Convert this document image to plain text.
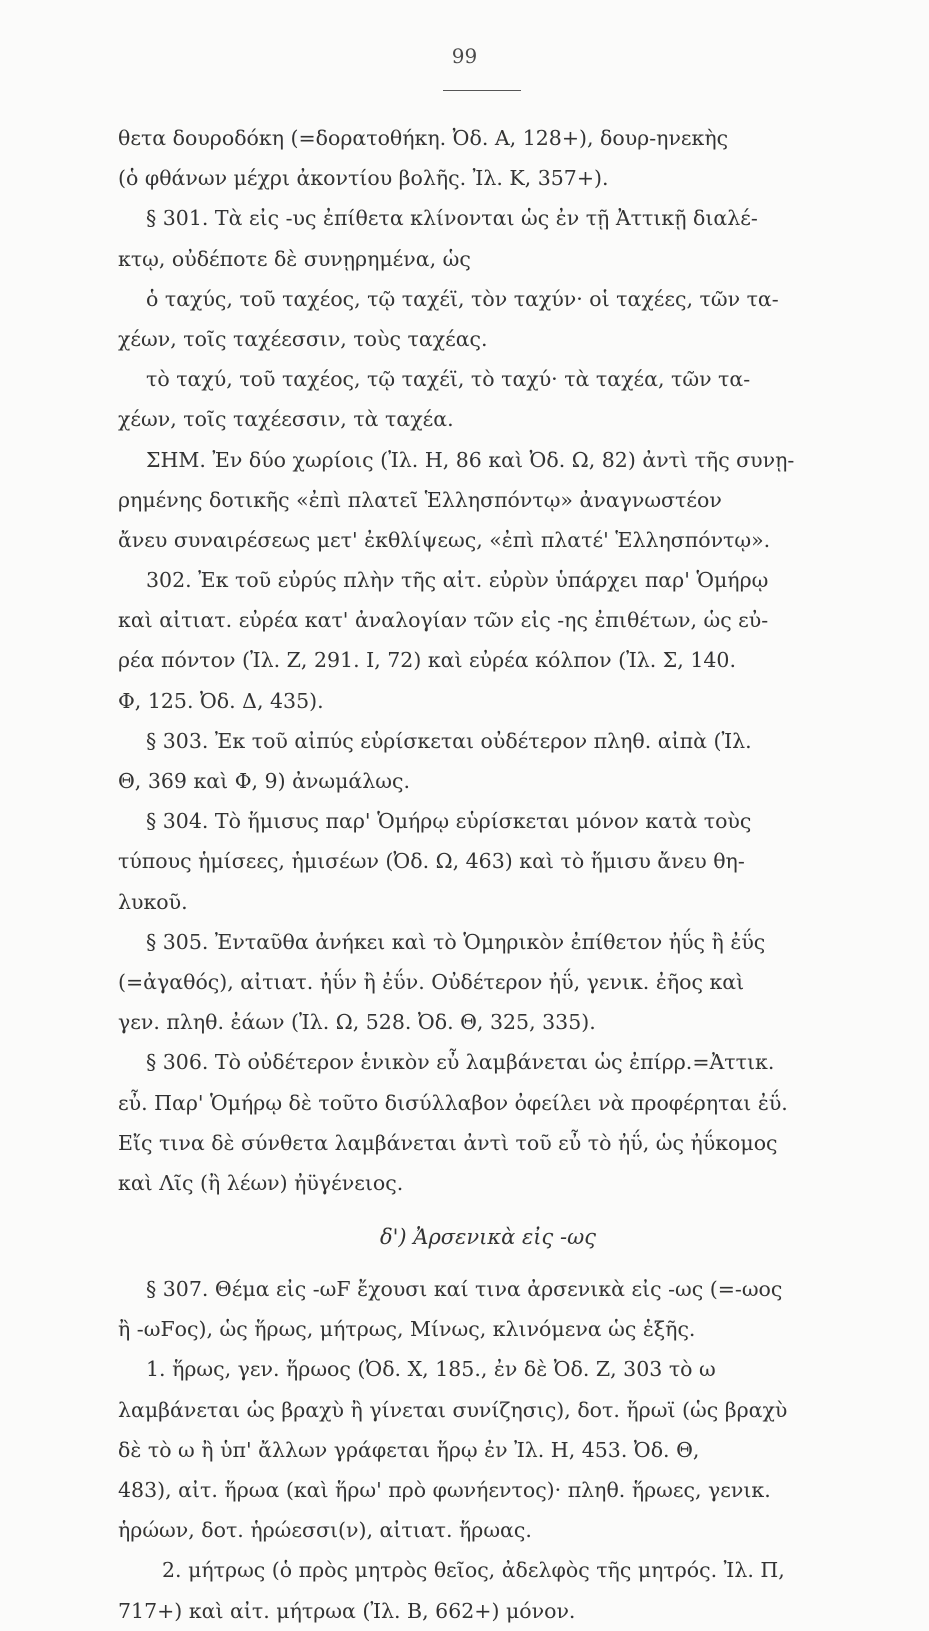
99
θετα δουροδόκη (=δορατοθήκη. Ὀδ. Α, 128+), δουρ-ηνεκὴς
(ὁ φθάνων μέχρι ἀκοντίου βολῆς. Ἰλ. Κ, 357+).
§ 301. Τὰ εἰς -υς ἐπίθετα κλίνονται ὡς ἐν τῇ Ἀττικῇ διαλέ-
κτῳ, οὐδέποτε δὲ συνῃρημένα, ὡς
ὁ ταχύς, τοῦ ταχέος, τῷ ταχέϊ, τὸν ταχύν· οἱ ταχέες, τῶν τα-
χέων, τοῖς ταχέεσσιν, τοὺς ταχέας.
τὸ ταχύ, τοῦ ταχέος, τῷ ταχέϊ, τὸ ταχύ· τὰ ταχέα, τῶν τα-
χέων, τοῖς ταχέεσσιν, τὰ ταχέα.
ΣΗΜ. Ἐν δύο χωρίοις (Ἰλ. Η, 86 καὶ Ὀδ. Ω, 82) ἀντὶ τῆς συνῃ-
ρημένης δοτικῆς «ἐπὶ πλατεῖ Ἑλλησπόντῳ» ἀναγνωστέον
ἄνευ συναιρέσεως μετ' ἐκθλίψεως, «ἐπὶ πλατέ' Ἑλλησπόντῳ».
302. Ἐκ τοῦ εὐρύς πλὴν τῆς αἰτ. εὐρὺν ὑπάρχει παρ' Ὁμήρῳ
καὶ αἰτιατ. εὐρέα κατ' ἀναλογίαν τῶν εἰς -ης ἐπιθέτων, ὡς εὐ-
ρέα πόντον (Ἰλ. Ζ, 291. Ι, 72) καὶ εὐρέα κόλπον (Ἰλ. Σ, 140.
Φ, 125. Ὀδ. Δ, 435).
§ 303. Ἐκ τοῦ αἰπύς εὑρίσκεται οὐδέτερον πληθ. αἰπὰ (Ἰλ.
Θ, 369 καὶ Φ, 9) ἀνωμάλως.
§ 304. Τὸ ἥμισυς παρ' Ὁμήρῳ εὑρίσκεται μόνον κατὰ τοὺς
τύπους ἡμίσεες, ἡμισέων (Ὀδ. Ω, 463) καὶ τὸ ἥμισυ ἄνευ θη-
λυκοῦ.
§ 305. Ἐνταῦθα ἀνήκει καὶ τὸ Ὁμηρικὸν ἐπίθετον ἠΰς ἢ ἐΰς
(=ἀγαθός), αἰτιατ. ἠΰν ἢ ἐΰν. Οὐδέτερον ἠΰ, γενικ. ἐῆος καὶ
γεν. πληθ. ἐάων (Ἰλ. Ω, 528. Ὀδ. Θ, 325, 335).
§ 306. Τὸ οὐδέτερον ἑνικὸν εὖ λαμβάνεται ὡς ἐπίρρ.=Ἀττικ.
εὖ. Παρ' Ὁμήρῳ δὲ τοῦτο δισύλλαβον ὀφείλει νὰ προφέρηται ἐΰ.
Εἴς τινα δὲ σύνθετα λαμβάνεται ἀντὶ τοῦ εὖ τὸ ἠΰ, ὡς ἠΰκομος
καὶ Λῖς (ἢ λέων) ἠϋγένειος.
δ') Ἀρσενικὰ εἰς -ως
§ 307. Θέμα εἰς -ωF ἔχουσι καί τινα ἀρσενικὰ εἰς -ως (=-ωος
ἢ -ωFος), ὡς ἥρως, μήτρως, Μίνως, κλινόμενα ὡς ἑξῆς.
1. ἥρως, γεν. ἥρωος (Ὀδ. Χ, 185., ἐν δὲ Ὀδ. Ζ, 303 τὸ ω
λαμβάνεται ὡς βραχὺ ἢ γίνεται συνίζησις), δοτ. ἥρωϊ (ὡς βραχὺ
δὲ τὸ ω ἢ ὑπ' ἄλλων γράφεται ἥρῳ ἐν Ἰλ. Η, 453. Ὀδ. Θ,
483), αἰτ. ἥρωα (καὶ ἥρω' πρὸ φωνήεντος)· πληθ. ἥρωες, γενικ.
ἡρώων, δοτ. ἡρώεσσι(ν), αἰτιατ. ἥρωας.
2. μήτρως (ὁ πρὸς μητρὸς θεῖος, ἀδελφὸς τῆς μητρός. Ἰλ. Π,
717+) καὶ αἰτ. μήτρωα (Ἰλ. Β, 662+) μόνον.
